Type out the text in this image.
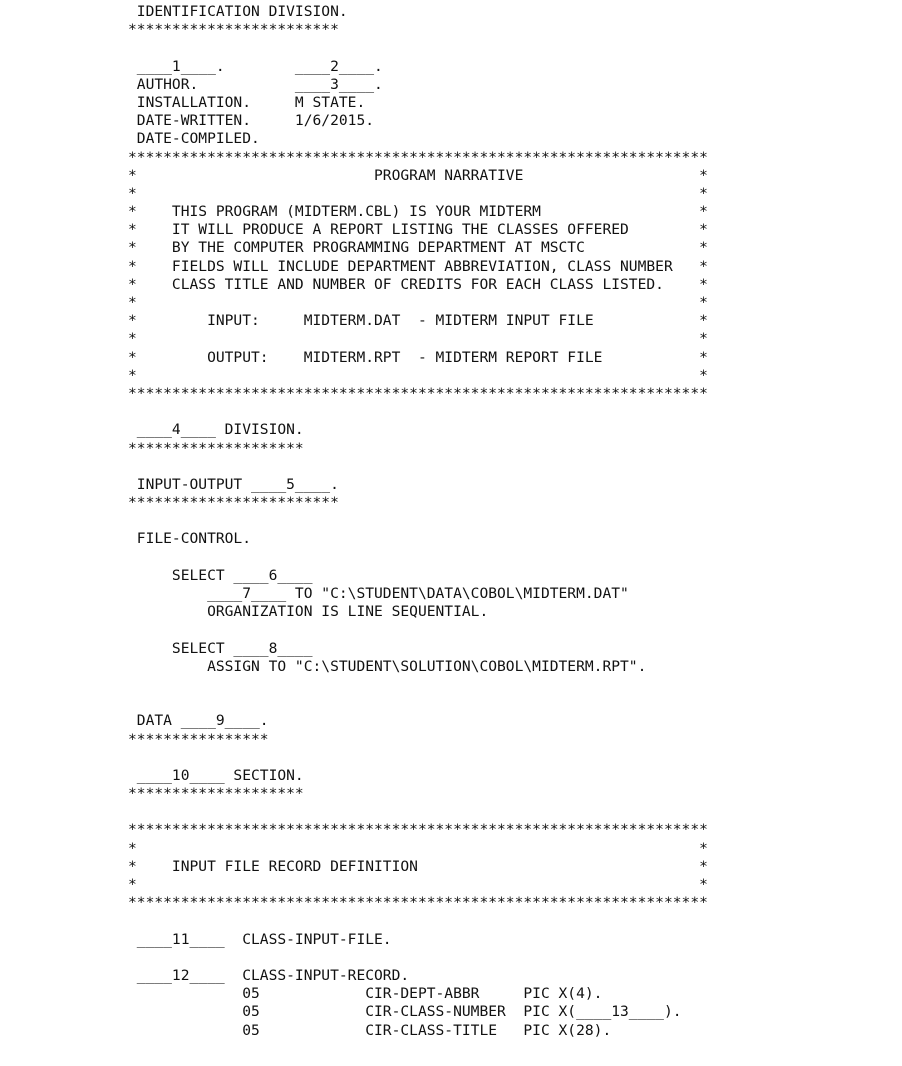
IDENTIFICATION DIVISION.
************************
____1____.        ____2____.
AUTHOR.           ____3____.
INSTALLATION.     M STATE.
DATE-WRITTEN.     1/6/2015.
DATE-COMPILED.
******************************************************************
*                           PROGRAM NARRATIVE                    *
*                                                                *
*    THIS PROGRAM (MIDTERM.CBL) IS YOUR MIDTERM                  *
*    IT WILL PRODUCE A REPORT LISTING THE CLASSES OFFERED        *
*    BY THE COMPUTER PROGRAMMING DEPARTMENT AT MSCTC             *
*    FIELDS WILL INCLUDE DEPARTMENT ABBREVIATION, CLASS NUMBER   *
*    CLASS TITLE AND NUMBER OF CREDITS FOR EACH CLASS LISTED.    *
*                                                                *
*        INPUT:     MIDTERM.DAT  - MIDTERM INPUT FILE            *
*                                                                *
*        OUTPUT:    MIDTERM.RPT  - MIDTERM REPORT FILE           *
*                                                                *
******************************************************************
____4____ DIVISION.
********************
INPUT-OUTPUT ____5____.
************************
FILE-CONTROL.
SELECT ____6____
____7____ TO "C:\STUDENT\DATA\COBOL\MIDTERM.DAT"
ORGANIZATION IS LINE SEQUENTIAL.
SELECT ____8____
ASSIGN TO "C:\STUDENT\SOLUTION\COBOL\MIDTERM.RPT".
DATA ____9____.
****************
____10____ SECTION.
********************
******************************************************************
*                                                                *
*    INPUT FILE RECORD DEFINITION                                *
*                                                                *
******************************************************************
____11____  CLASS-INPUT-FILE.
____12____  CLASS-INPUT-RECORD.
05            CIR-DEPT-ABBR     PIC X(4).
05            CIR-CLASS-NUMBER  PIC X(____13____).
05            CIR-CLASS-TITLE   PIC X(28).
